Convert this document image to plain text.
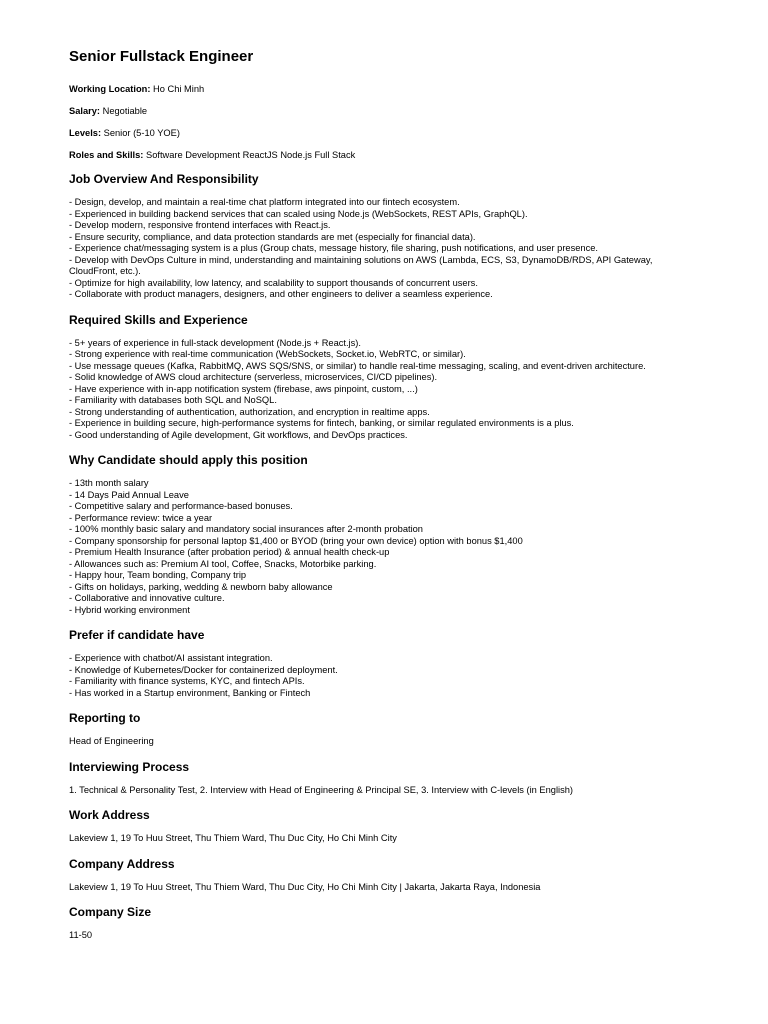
Senior Fullstack Engineer
Working Location: Ho Chi Minh
Salary: Negotiable
Levels: Senior (5-10 YOE)
Roles and Skills: Software Development ReactJS Node.js Full Stack
Job Overview And Responsibility
- Design, develop, and maintain a real-time chat platform integrated into our fintech ecosystem.
- Experienced in building backend services that can scaled using Node.js (WebSockets, REST APIs, GraphQL).
- Develop modern, responsive frontend interfaces with React.js.
- Ensure security, compliance, and data protection standards are met (especially for financial data).
- Experience chat/messaging system is a plus (Group chats, message history, file sharing, push notifications, and user presence.
- Develop with DevOps Culture in mind, understanding and maintaining solutions on AWS (Lambda, ECS, S3, DynamoDB/RDS, API Gateway,
CloudFront, etc.).
- Optimize for high availability, low latency, and scalability to support thousands of concurrent users.
- Collaborate with product managers, designers, and other engineers to deliver a seamless experience.
Required Skills and Experience
- 5+ years of experience in full-stack development (Node.js + React.js).
- Strong experience with real-time communication (WebSockets, Socket.io, WebRTC, or similar).
- Use message queues (Kafka, RabbitMQ, AWS SQS/SNS, or similar) to handle real-time messaging, scaling, and event-driven architecture.
- Solid knowledge of AWS cloud architecture (serverless, microservices, CI/CD pipelines).
- Have experience with in-app notification system (firebase, aws pinpoint, custom, ...)
- Familiarity with databases both SQL and NoSQL.
- Strong understanding of authentication, authorization, and encryption in realtime apps.
- Experience in building secure, high-performance systems for fintech, banking, or similar regulated environments is a plus.
- Good understanding of Agile development, Git workflows, and DevOps practices.
Why Candidate should apply this position
- 13th month salary
- 14 Days Paid Annual Leave
- Competitive salary and performance-based bonuses.
- Performance review: twice a year
- 100% monthly basic salary and mandatory social insurances after 2-month probation
- Company sponsorship for personal laptop $1,400 or BYOD (bring your own device) option with bonus $1,400
- Premium Health Insurance (after probation period) & annual health check-up
- Allowances such as: Premium AI tool, Coffee, Snacks, Motorbike parking.
- Happy hour, Team bonding, Company trip
- Gifts on holidays, parking, wedding & newborn baby allowance
- Collaborative and innovative culture.
- Hybrid working environment
Prefer if candidate have
- Experience with chatbot/AI assistant integration.
- Knowledge of Kubernetes/Docker for containerized deployment.
- Familiarity with finance systems, KYC, and fintech APIs.
- Has worked in a Startup environment, Banking or Fintech
Reporting to
Head of Engineering
Interviewing Process
1. Technical & Personality Test, 2. Interview with Head of Engineering & Principal SE, 3. Interview with C-levels (in English)
Work Address
Lakeview 1, 19 To Huu Street, Thu Thiem Ward, Thu Duc City, Ho Chi Minh City
Company Address
Lakeview 1, 19 To Huu Street, Thu Thiem Ward, Thu Duc City, Ho Chi Minh City | Jakarta, Jakarta Raya, Indonesia
Company Size
11-50
